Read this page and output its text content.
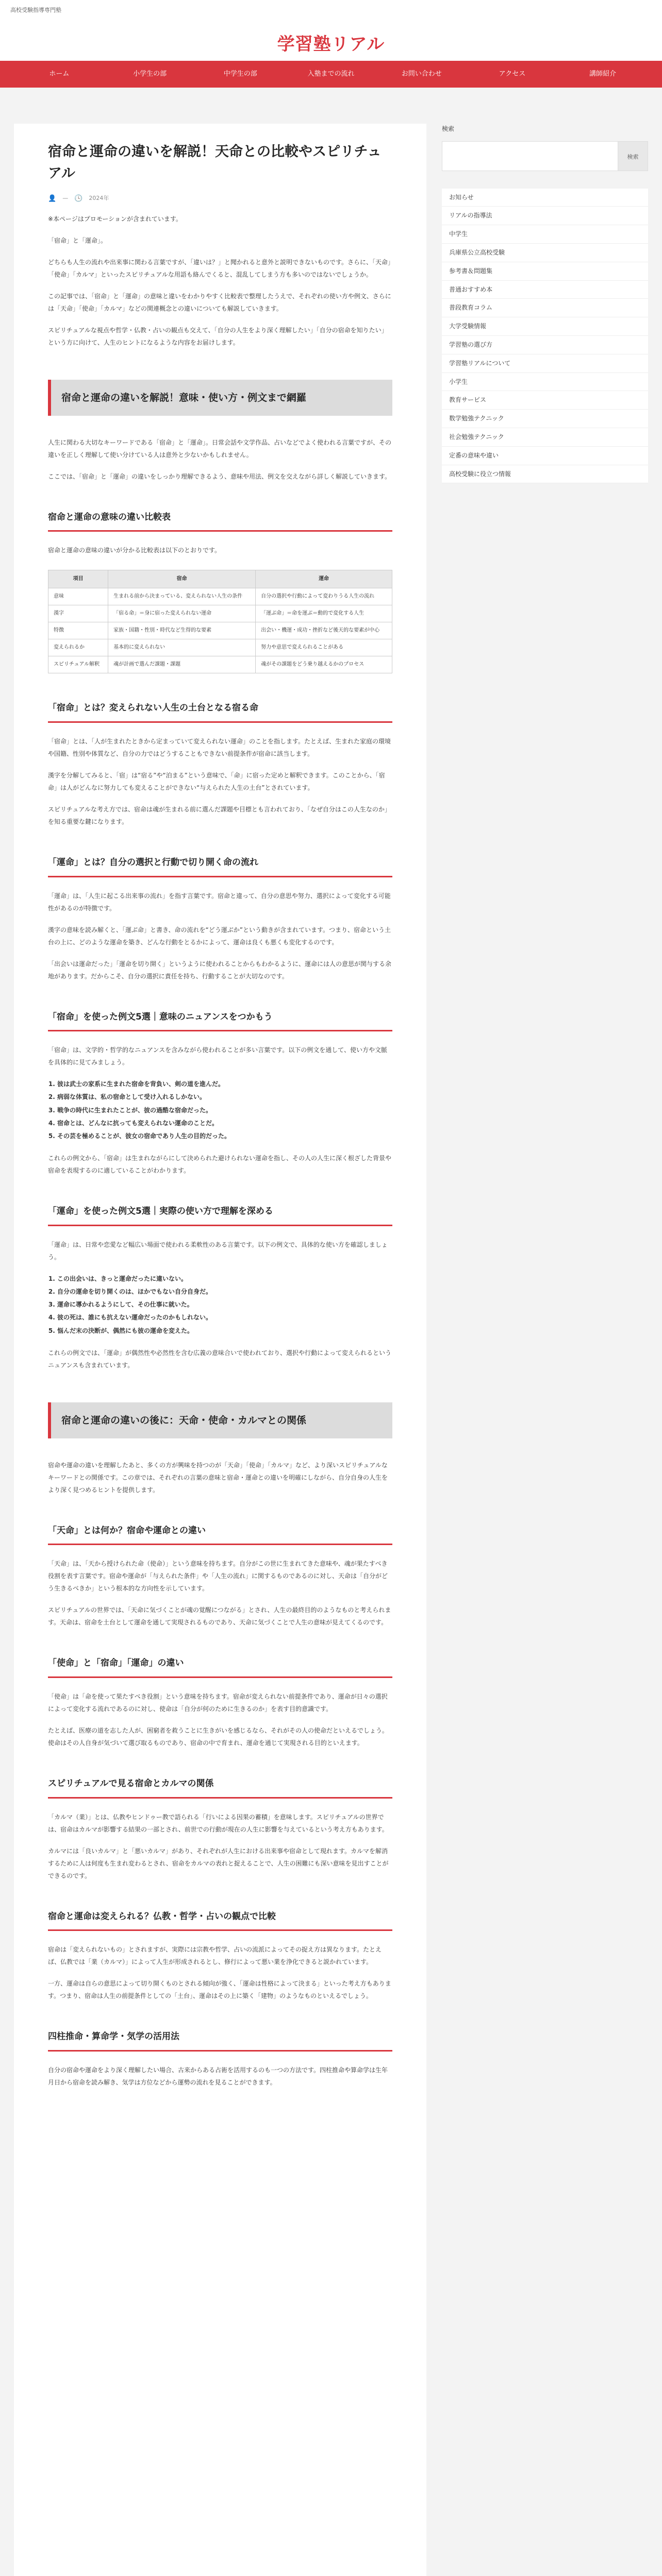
高校受験指導専門塾
学習塾リアル
ホーム	小学生の部	中学生の部	入塾までの流れ	お問い合わせ	アクセス	講師紹介
宿命と運命の違いを解説！天命との比較やスピリチュアル
👤 — 🕓 2024年

※本ページはプロモーションが含まれています。

「宿命」と「運命」。

どちらも人生の流れや出来事に関わる言葉ですが、「違いは？」と聞かれると意外と説明できないものです。さらに、「天命」「使命」「カルマ」といったスピリチュアルな用語も絡んでくると、混乱してしまう方も多いのではないでしょうか。

この記事では、「宿命」と「運命」の意味と違いをわかりやすく比較表で整理したうえで、それぞれの使い方や例文、さらには「天命」「使命」「カルマ」などの関連概念との違いについても解説していきます。

スピリチュアルな視点や哲学・仏教・占いの観点も交えて、「自分の人生をより深く理解したい」「自分の宿命を知りたい」という方に向けて、人生のヒントになるような内容をお届けします。

宿命と運命の違いを解説！意味・使い方・例文まで網羅

人生に関わる大切なキーワードである「宿命」と「運命」。日常会話や文学作品、占いなどでよく使われる言葉ですが、その違いを正しく理解して使い分けている人は意外と少ないかもしれません。

ここでは、「宿命」と「運命」の違いをしっかり理解できるよう、意味や用法、例文を交えながら詳しく解説していきます。

宿命と運命の意味の違い比較表

宿命と運命の意味の違いが分かる比較表は以下のとおりです。

項目	宿命	運命
意味	生まれる前から決まっている、変えられない人生の条件	自分の選択や行動によって変わりうる人生の流れ
漢字	「宿る命」＝身に宿った変えられない運命	「運ぶ命」＝命を運ぶ＝動的で変化する人生
特徴	家族・国籍・性別・時代など生得的な要素	出会い・機運・成功・挫折など後天的な要素が中心
変えられるか	基本的に変えられない	努力や意思で変えられることがある
スピリチュアル解釈	魂が計画で選んだ課題・課題	魂がその課題をどう乗り越えるかのプロセス
「宿命」とは？変えられない人生の土台となる宿る命

「宿命」とは、「人が生まれたときから定まっていて変えられない運命」のことを指します。たとえば、生まれた家庭の環境や国籍、性別や体質など、自分の力ではどうすることもできない前提条件が宿命に該当します。

漢字を分解してみると、「宿」は“宿る”や“泊まる”という意味で、「命」に宿った定めと解釈できます。このことから、「宿命」は人がどんなに努力しても変えることができない“与えられた人生の土台”とされています。

スピリチュアルな考え方では、宿命は魂が生まれる前に選んだ課題や目標とも言われており、「なぜ自分はこの人生なのか」を知る重要な鍵になります。

「運命」とは？自分の選択と行動で切り開く命の流れ

「運命」は、「人生に起こる出来事の流れ」を指す言葉です。宿命と違って、自分の意思や努力、選択によって変化する可能性があるのが特徴です。

漢字の意味を読み解くと、「運ぶ命」と書き、命の流れを“どう運ぶか”という動きが含まれています。つまり、宿命という土台の上に、どのような運命を築き、どんな行動をとるかによって、運命は良くも悪くも変化するのです。

「出会いは運命だった」「運命を切り開く」というように使われることからもわかるように、運命には人の意思が関与する余地があります。だからこそ、自分の選択に責任を持ち、行動することが大切なのです。

「宿命」を使った例文5選｜意味のニュアンスをつかもう

「宿命」は、文学的・哲学的なニュアンスを含みながら使われることが多い言葉です。以下の例文を通して、使い方や文脈を具体的に見てみましょう。

1. 彼は武士の家系に生まれた宿命を背負い、剣の道を進んだ。
2. 病弱な体質は、私の宿命として受け入れるしかない。
3. 戦争の時代に生まれたことが、彼の過酷な宿命だった。
4. 宿命とは、どんなに抗っても変えられない運命のことだ。
5. その芸を極めることが、彼女の宿命であり人生の目的だった。

これらの例文から、「宿命」は生まれながらにして決められた避けられない運命を指し、その人の人生に深く根ざした背景や宿命を表現するのに適していることがわかります。

「運命」を使った例文5選｜実際の使い方で理解を深める

「運命」は、日常や恋愛など幅広い場面で使われる柔軟性のある言葉です。以下の例文で、具体的な使い方を確認しましょう。

1. この出会いは、きっと運命だったに違いない。
2. 自分の運命を切り開くのは、ほかでもない自分自身だ。
3. 運命に導かれるようにして、その仕事に就いた。
4. 彼の死は、誰にも抗えない運命だったのかもしれない。
5. 悩んだ末の決断が、偶然にも彼の運命を変えた。

これらの例文では、「運命」が偶然性や必然性を含む広義の意味合いで使われており、選択や行動によって変えられるというニュアンスも含まれています。

宿命と運命の違いの後に：天命・使命・カルマとの関係

宿命や運命の違いを理解したあと、多くの方が興味を持つのが「天命」「使命」「カルマ」など、より深いスピリチュアルなキーワードとの関係です。この章では、それぞれの言葉の意味と宿命・運命との違いを明確にしながら、自分自身の人生をより深く見つめるヒントを提供します。

「天命」とは何か？宿命や運命との違い

「天命」は、「天から授けられた命（使命）」という意味を持ちます。自分がこの世に生まれてきた意味や、魂が果たすべき役割を表す言葉です。宿命や運命が「与えられた条件」や「人生の流れ」に関するものであるのに対し、天命は「自分がどう生きるべきか」という根本的な方向性を示しています。

スピリチュアルの世界では、「天命に気づくことが魂の覚醒につながる」とされ、人生の最終目的のようなものと考えられます。天命は、宿命を土台として運命を通して実現されるものであり、天命に気づくことで人生の意味が見えてくるのです。

「使命」と「宿命」「運命」の違い

「使命」は「命を使って果たすべき役割」という意味を持ちます。宿命が変えられない前提条件であり、運命が日々の選択によって変化する流れであるのに対し、使命は「自分が何のために生きるのか」を表す目的意識です。

たとえば、医療の道を志した人が、困窮者を救うことに生きがいを感じるなら、それがその人の使命だといえるでしょう。使命はその人自身が気づいて選び取るものであり、宿命の中で育まれ、運命を通じて実現される目的といえます。

スピリチュアルで見る宿命とカルマの関係

「カルマ（業）」とは、仏教やヒンドゥー教で語られる「行いによる因果の蓄積」を意味します。スピリチュアルの世界では、宿命はカルマが影響する結果の一部とされ、前世での行動が現在の人生に影響を与えているという考え方もあります。

カルマには「良いカルマ」と「悪いカルマ」があり、それぞれが人生における出来事や宿命として現れます。カルマを解消するために人は何度も生まれ変わるとされ、宿命をカルマの表れと捉えることで、人生の困難にも深い意味を見出すことができるのです。

宿命と運命は変えられる？仏教・哲学・占いの観点で比較

宿命は「変えられないもの」とされますが、実際には宗教や哲学、占いの流派によってその捉え方は異なります。たとえば、仏教では「業（カルマ）」によって人生が形成されるとし、修行によって悪い業を浄化できると説かれています。

一方、運命は自らの意思によって切り開くものとされる傾向が強く、「運命は性格によって決まる」といった考え方もあります。つまり、宿命は人生の前提条件としての「土台」、運命はその上に築く「建物」のようなものといえるでしょう。

四柱推命・算命学・気学の活用法

自分の宿命や運命をより深く理解したい場合、古来からある占術を活用するのも一つの方法です。四柱推命や算命学は生年月日から宿命を読み解き、気学は方位などから運勢の流れを見ることができます。

検索
検索
お知らせ
リアルの指導法
中学生
兵庫県公立高校受験
参考書＆問題集
普通おすすめ本
普段教育コラム
大学受験情報
学習塾の選び方
学習塾リアルについて
小学生
教育サービス
数学勉強テクニック
社会勉強テクニック
定番の意味や違い
高校受験に役立つ情報
